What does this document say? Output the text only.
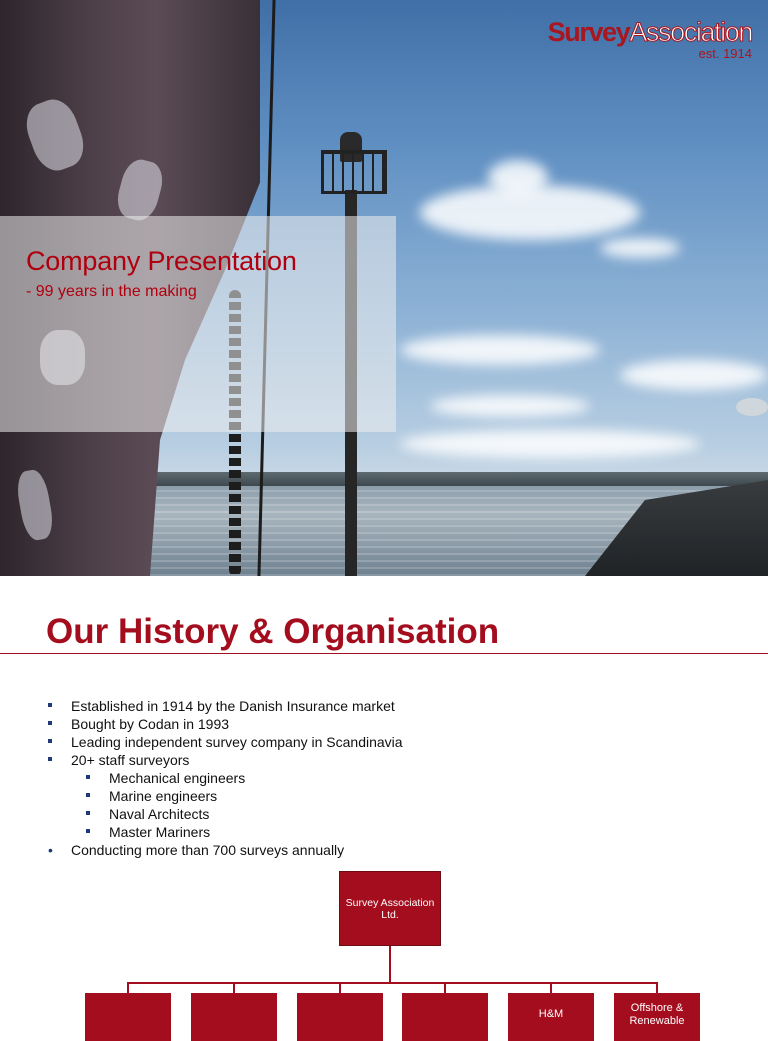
Company Presentation
- 99 years in the making
SurveyAssociation
est. 1914
Our History & Organisation
Established in 1914 by the Danish Insurance market
Bought by Codan in 1993
Leading independent survey company in Scandinavia
20+ staff surveyors
Mechanical engineers
Marine engineers
Naval Architects
Master Mariners
• Conducting more than 700 surveys annually
Survey Association Ltd.
H&M	Offshore & Renewable
